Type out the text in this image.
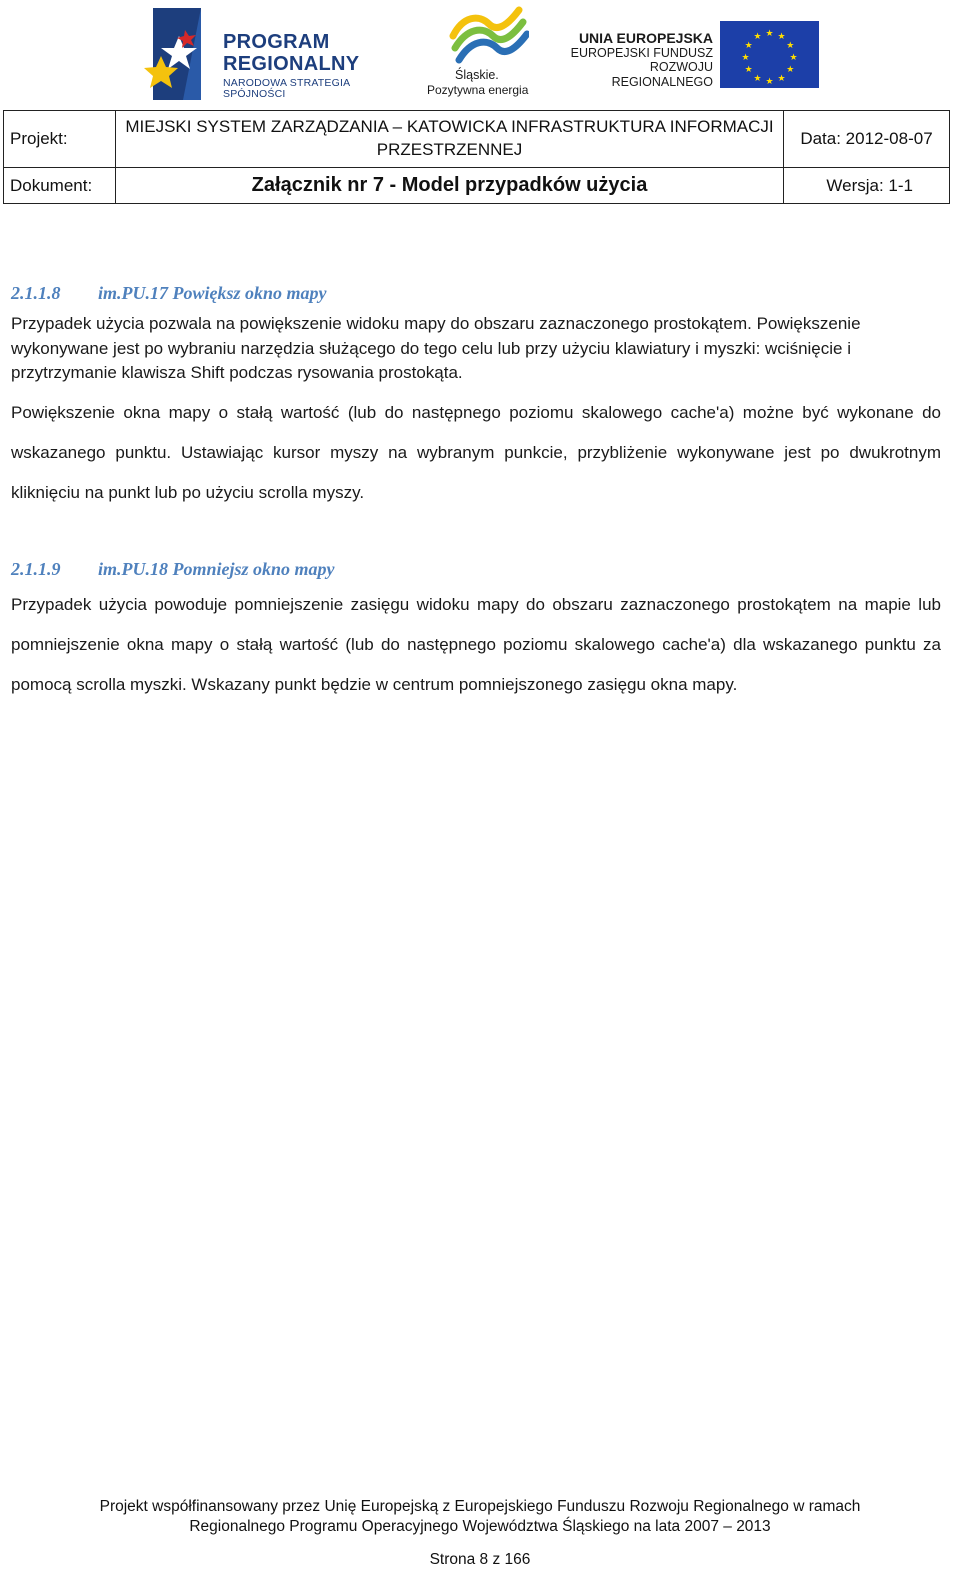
PROGRAM
REGIONALNY
NARODOWA STRATEGIA SPÓJNOŚCI
Śląskie.
Pozytywna energia
UNIA EUROPEJSKA
EUROPEJSKI FUNDUSZ
ROZWOJU REGIONALNEGO
★ ★
★
★
★
★
★
★
★
★
★
★
Projekt:	MIEJSKI SYSTEM ZARZĄDZANIA – KATOWICKA INFRASTRUKTURA INFORMACJI PRZESTRZENNEJ	Data: 2012-08-07
Dokument:	Załącznik nr 7 - Model przypadków użycia	Wersja: 1-1
2.1.1.8	im.PU.17 Powiększ okno mapy

Przypadek użycia pozwala na powiększenie widoku mapy do obszaru zaznaczonego prostokątem. Powiększenie wykonywane jest po wybraniu narzędzia służącego do tego celu lub przy użyciu klawiatury i myszki: wciśnięcie i przytrzymanie klawisza Shift podczas rysowania prostokąta.

Powiększenie okna mapy o stałą wartość (lub do następnego poziomu skalowego cache'a) możne być wykonane do wskazanego punktu. Ustawiając kursor myszy na wybranym punkcie, przybliżenie wykonywane jest po dwukrotnym kliknięciu na punkt lub po użyciu scrolla myszy.

2.1.1.9	im.PU.18 Pomniejsz okno mapy

Przypadek użycia powoduje pomniejszenie zasięgu widoku mapy do obszaru zaznaczonego prostokątem na mapie lub pomniejszenie okna mapy o stałą wartość (lub do następnego poziomu skalowego cache'a) dla wskazanego punktu za pomocą scrolla myszki. Wskazany punkt będzie w centrum pomniejszonego zasięgu okna mapy.

Projekt współfinansowany przez Unię Europejską z Europejskiego Funduszu Rozwoju Regionalnego w ramach
Regionalnego Programu Operacyjnego Województwa Śląskiego na lata 2007 – 2013
Strona 8 z 166
